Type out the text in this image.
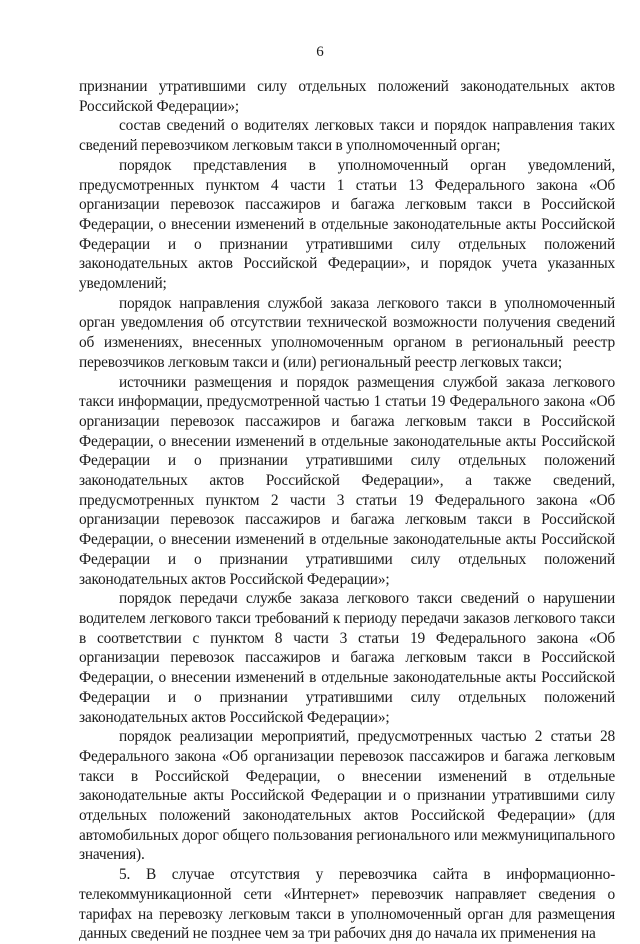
6

признании утратившими силу отдельных положений законодательных актов Российской Федерации»;

состав сведений о водителях легковых такси и порядок направления таких сведений перевозчиком легковым такси в уполномоченный орган;

порядок представления в уполномоченный орган уведомлений, предусмотренных пунктом 4 части 1 статьи 13 Федерального закона «Об организации перевозок пассажиров и багажа легковым такси в Российской Федерации, о внесении изменений в отдельные законодательные акты Российской Федерации и о признании утратившими силу отдельных положений законодательных актов Российской Федерации», и порядок учета указанных уведомлений;

порядок направления службой заказа легкового такси в уполномоченный орган уведомления об отсутствии технической возможности получения сведений об изменениях, внесенных уполномоченным органом в региональный реестр перевозчиков легковым такси и (или) региональный реестр легковых такси;

источники размещения и порядок размещения службой заказа легкового такси информации, предусмотренной частью 1 статьи 19 Федерального закона «Об организации перевозок пассажиров и багажа легковым такси в Российской Федерации, о внесении изменений в отдельные законодательные акты Российской Федерации и о признании утратившими силу отдельных положений законодательных актов Российской Федерации», а также сведений, предусмотренных пунктом 2 части 3 статьи 19 Федерального закона «Об организации перевозок пассажиров и багажа легковым такси в Российской Федерации, о внесении изменений в отдельные законодательные акты Российской Федерации и о признании утратившими силу отдельных положений законодательных актов Российской Федерации»;

порядок передачи службе заказа легкового такси сведений о нарушении водителем легкового такси требований к периоду передачи заказов легкового такси в соответствии с пунктом 8 части 3 статьи 19 Федерального закона «Об организации перевозок пассажиров и багажа легковым такси в Российской Федерации, о внесении изменений в отдельные законодательные акты Российской Федерации и о признании утратившими силу отдельных положений законодательных актов Российской Федерации»;

порядок реализации мероприятий, предусмотренных частью 2 статьи 28 Федерального закона «Об организации перевозок пассажиров и багажа легковым такси в Российской Федерации, о внесении изменений в отдельные законодательные акты Российской Федерации и о признании утратившими силу отдельных положений законодательных актов Российской Федерации» (для автомобильных дорог общего пользования регионального или межмуниципального значения).

5. В случае отсутствия у перевозчика сайта в информационно-телекоммуникационной сети «Интернет» перевозчик направляет сведения о тарифах на перевозку легковым такси в уполномоченный орган для размещения данных сведений не позднее чем за три рабочих дня до начала их применения на
